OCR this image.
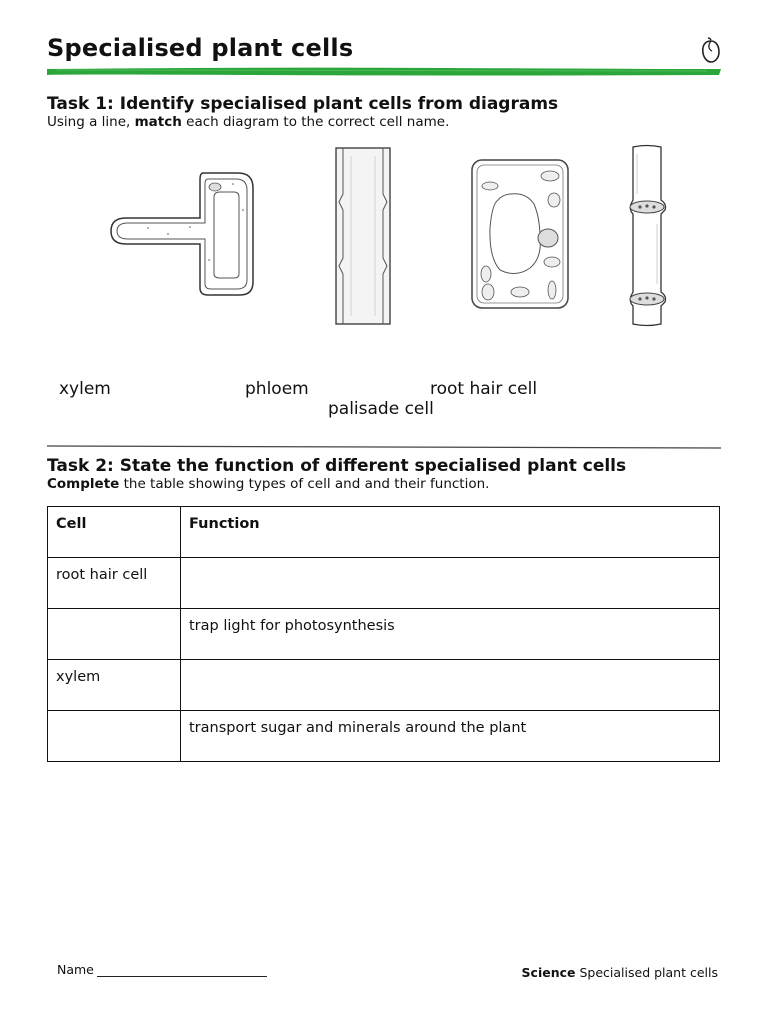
Specialised plant cells
Task 1: Identify specialised plant cells from diagrams
Using a line, match each diagram to the correct cell name.
xylem	phloem	root hair cell
palisade cell
Task 2: State the function of different specialised plant cells
Complete the table showing types of cell and and their function.
Cell	Function
root hair cell	
	trap light for photosynthesis
xylem	
	transport sugar and minerals around the plant
Name	Science Specialised plant cells
